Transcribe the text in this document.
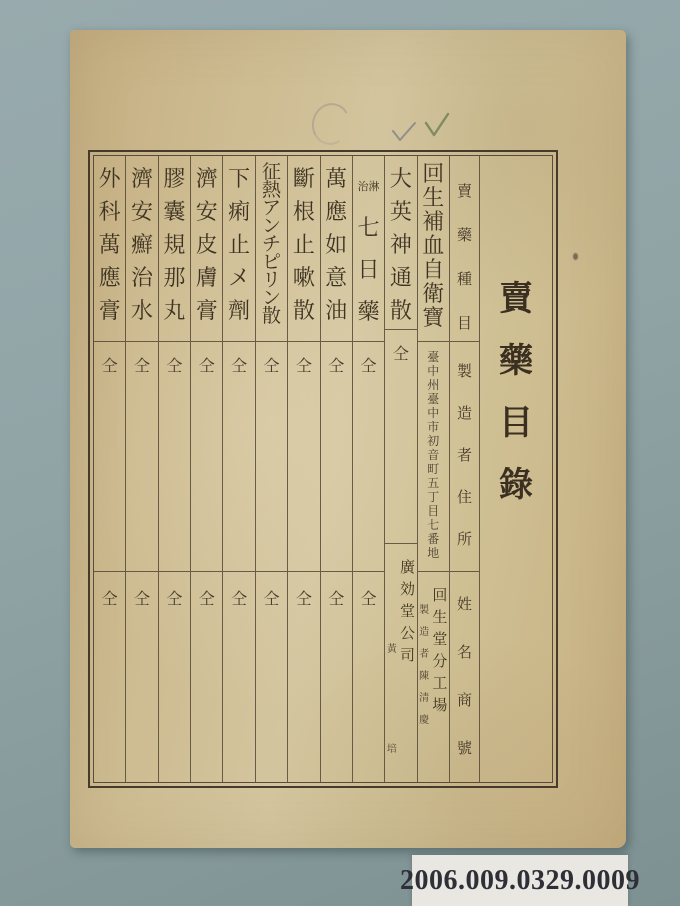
外科萬應膏
仝
仝
濟安癬治水
仝
仝
膠囊規那丸
仝
仝
濟安皮膚膏
仝
仝
下痢止メ劑
仝
仝
征熱アンチピリン散
仝
仝
斷根止嗽散
仝
仝
萬應如意油
仝
仝
治淋七日藥
仝
仝
大英神通散
仝
黃培
廣効堂公司
回生補血自衛寶
臺中州臺中市初音町五丁目七番地
製造者陳清慶
回生堂分工場
賣藥種目
製造者住所
姓名商號
賣藥目錄
2006.009.0329.0009
